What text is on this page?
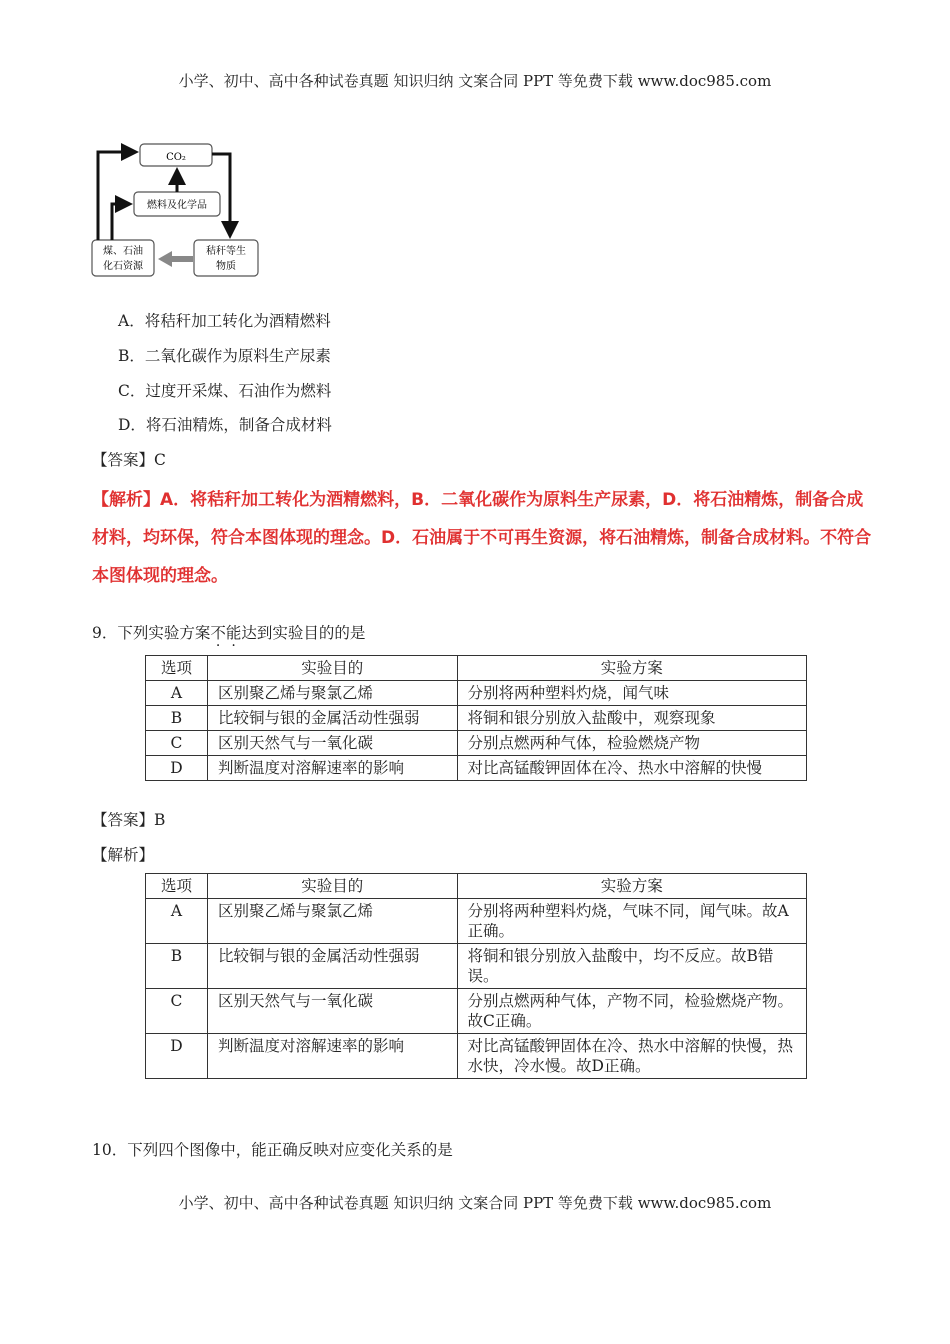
小学、初中、高中各种试卷真题 知识归纳 文案合同 PPT 等免费下载 www.doc985.com
CO₂
燃料及化学品
煤、石油
化石资源
秸秆等生
物质
A．将秸秆加工转化为酒精燃料
B．二氧化碳作为原料生产尿素
C．过度开采煤、石油作为燃料
D．将石油精炼，制备合成材料
【答案】C
【解析】A．将秸秆加工转化为酒精燃料，B．二氧化碳作为原料生产尿素，D．将石油精炼，制备合成材料，均环保，符合本图体现的理念。D．石油属于不可再生资源，将石油精炼，制备合成材料。不符合本图体现的理念。
9．下列实验方案不能达到实验目的的是
选项	实验目的	实验方案
A	区别聚乙烯与聚氯乙烯	分别将两种塑料灼烧，闻气味
B	比较铜与银的金属活动性强弱	将铜和银分别放入盐酸中，观察现象
C	区别天然气与一氧化碳	分别点燃两种气体，检验燃烧产物
D	判断温度对溶解速率的影响	对比高锰酸钾固体在冷、热水中溶解的快慢
【答案】B
【解析】
选项	实验目的	实验方案
A	区别聚乙烯与聚氯乙烯	分别将两种塑料灼烧，气味不同，闻气味。故A正确。
B	比较铜与银的金属活动性强弱	将铜和银分别放入盐酸中，均不反应。故B错误。
C	区别天然气与一氧化碳	分别点燃两种气体，产物不同，检验燃烧产物。故C正确。
D	判断温度对溶解速率的影响	对比高锰酸钾固体在冷、热水中溶解的快慢，热水快，冷水慢。故D正确。
10．下列四个图像中，能正确反映对应变化关系的是
小学、初中、高中各种试卷真题 知识归纳 文案合同 PPT 等免费下载 www.doc985.com
